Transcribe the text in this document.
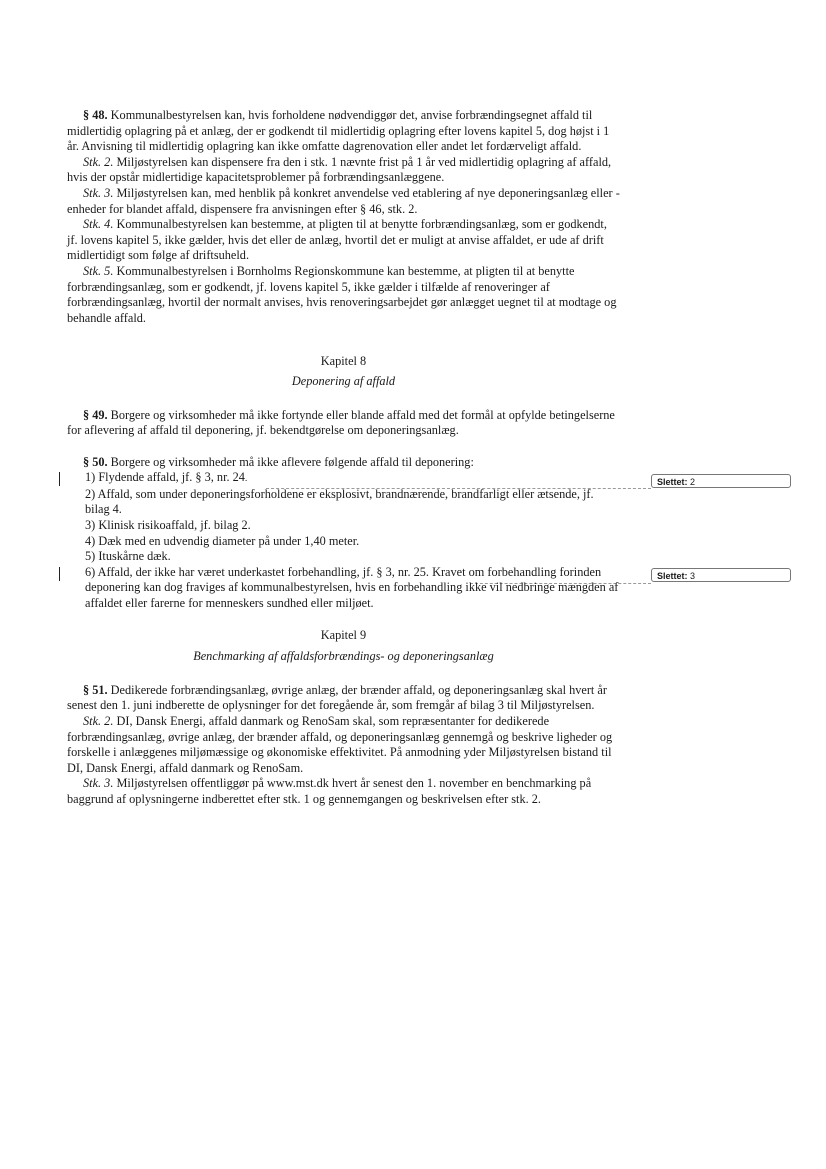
Slettet: 2
Slettet: 3

§ 48. Kommunalbestyrelsen kan, hvis forholdene nødvendiggør det, anvise forbrændingsegnet affald til midlertidig oplagring på et anlæg, der er godkendt til midlertidig oplagring efter lovens kapitel 5, dog højst i 1 år. Anvisning til midlertidig oplagring kan ikke omfatte dagrenovation eller andet let fordærveligt affald.

Stk. 2. Miljøstyrelsen kan dispensere fra den i stk. 1 nævnte frist på 1 år ved midlertidig oplagring af affald, hvis der opstår midlertidige kapacitetsproblemer på forbrændingsanlæggene.

Stk. 3. Miljøstyrelsen kan, med henblik på konkret anvendelse ved etablering af nye deponeringsanlæg eller -enheder for blandet affald, dispensere fra anvisningen efter § 46, stk. 2.

Stk. 4. Kommunalbestyrelsen kan bestemme, at pligten til at benytte forbrændingsanlæg, som er godkendt, jf. lovens kapitel 5, ikke gælder, hvis det eller de anlæg, hvortil det er muligt at anvise affaldet, er ude af drift midlertidigt som følge af driftsuheld.

Stk. 5. Kommunalbestyrelsen i Bornholms Regionskommune kan bestemme, at pligten til at benytte forbrændingsanlæg, som er godkendt, jf. lovens kapitel 5, ikke gælder i tilfælde af renoveringer af forbrændingsanlæg, hvortil der normalt anvises, hvis renoveringsarbejdet gør anlægget uegnet til at modtage og behandle affald.

Kapitel 8

Deponering af affald

§ 49. Borgere og virksomheder må ikke fortynde eller blande affald med det formål at opfylde betingelserne for aflevering af affald til deponering, jf. bekendtgørelse om deponeringsanlæg.

§ 50. Borgere og virksomheder må ikke aflevere følgende affald til deponering:

1) Flydende affald, jf. § 3, nr. 24.

2) Affald, som under deponeringsforholdene er eksplosivt, brandnærende, brandfarligt eller ætsende, jf. bilag 4.

3) Klinisk risikoaffald, jf. bilag 2.

4) Dæk med en udvendig diameter på under 1,40 meter.

5) Ituskårne dæk.

6) Affald, der ikke har været underkastet forbehandling, jf. § 3, nr. 25. Kravet om forbehandling forinden deponering kan dog fraviges af kommunalbestyrelsen, hvis en forbehandling ikke vil nedbringe mængden af affaldet eller farerne for menneskers sundhed eller miljøet.

Kapitel 9

Benchmarking af affaldsforbrændings- og deponeringsanlæg

§ 51. Dedikerede forbrændingsanlæg, øvrige anlæg, der brænder affald, og deponeringsanlæg skal hvert år senest den 1. juni indberette de oplysninger for det foregående år, som fremgår af bilag 3 til Miljøstyrelsen.

Stk. 2. DI, Dansk Energi, affald danmark og RenoSam skal, som repræsentanter for dedikerede forbrændingsanlæg, øvrige anlæg, der brænder affald, og deponeringsanlæg gennemgå og beskrive ligheder og forskelle i anlæggenes miljømæssige og økonomiske effektivitet. På anmodning yder Miljøstyrelsen bistand til DI, Dansk Energi, affald danmark og RenoSam.

Stk. 3. Miljøstyrelsen offentliggør på www.mst.dk hvert år senest den 1. november en benchmarking på baggrund af oplysningerne indberettet efter stk. 1 og gennemgangen og beskrivelsen efter stk. 2.
